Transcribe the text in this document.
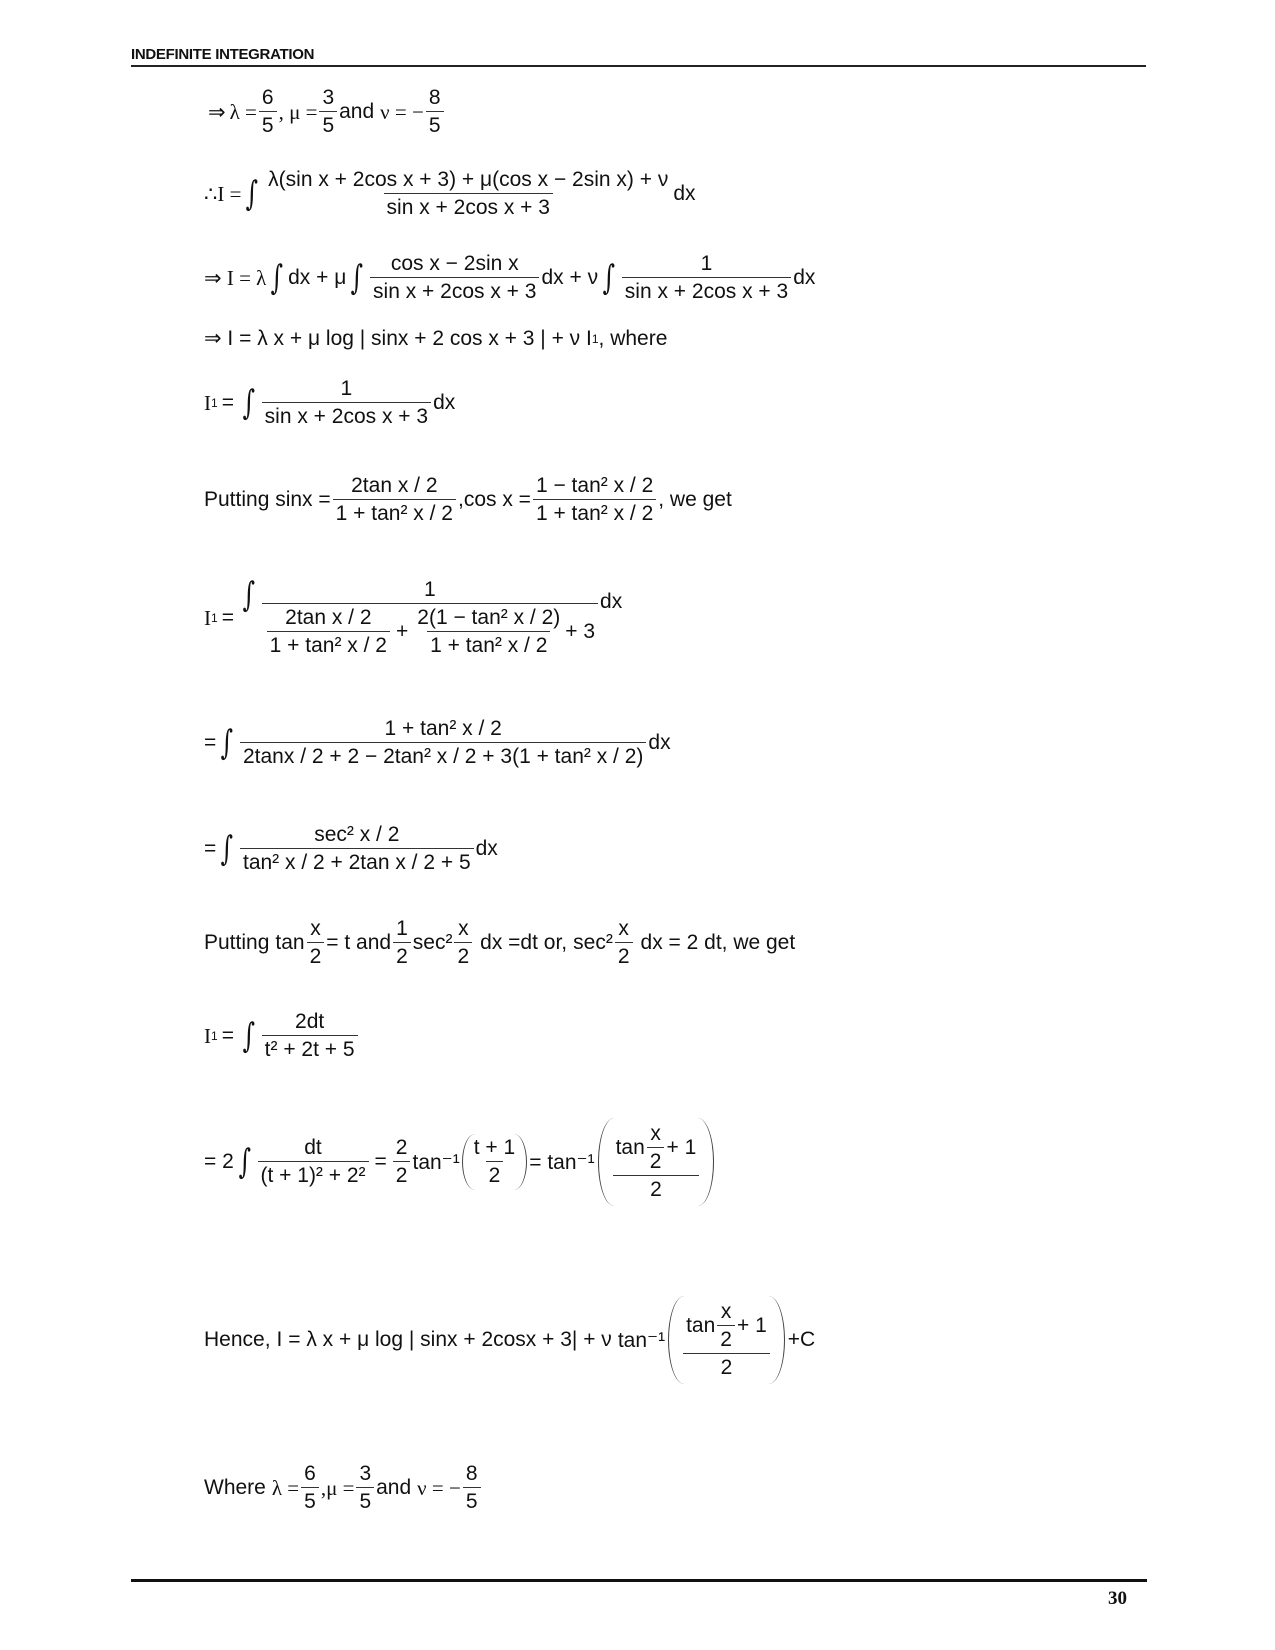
INDEFINITE INTEGRATION
⇒ $\lambda = \frac{6}{5}$ , $\mu = \frac{3}{5}$ and ν = − $\frac{8}{5}$
∴I = ∫ $\frac{\text{λ(sin x + 2cos x + 3) + μ(cos x − 2sin x) + ν}}{\text{sin x + 2cos x + 3}}$ dx
⇒ I = λ ∫ dx + μ ∫ $\frac{\text{cos x − 2sin x}}{\text{sin x + 2cos x + 3}}$ dx + ν ∫ $\frac{1}{\text{sin x + 2cos x + 3}}$ dx
⇒ I = λ x + μ log | sinx + 2 cos x + 3 | + ν I 1 , where
I 1 = ∫ $\frac{1}{\text{sin x + 2cos x + 3}}$ dx
Putting $\sin x = \frac{\text{2tan x / 2}}{\text{1 + tan² x / 2}} ,\cos$ $x = \frac{\text{1 − tan² x / 2}}{\text{1 + tan² x / 2}}$ , we get
I 1 =
∫	1
$\frac{\text{2tan x / 2}}{\text{1 + tan² x / 2}} + \frac{\text{2(1 − tan² x / 2)}}{\text{1 + tan² x / 2}} + 3$
dx
= ∫ $\frac{\text{1 + tan² x / 2}}{\text{2tanx / 2 + 2 − 2tan² x / 2 + 3(1 + tan² x / 2)}}$ dx
= ∫ $\frac{\text{sec² x / 2}}{\text{tan² x / 2 + 2tan x / 2 + 5}}$ dx
Putting $\tan \frac{x}{2} = t$ and $\frac{1}{2} \sec^2 \frac{x}{2}$ dx =dt or, $\sec^2 \frac{x}{2}$ dx = 2 dt, we get
I 1 = ∫ $\frac{2dt}{\text{t² + 2t + 5}}$
= 2 ∫ $\frac{dt}{\text{(t + 1)² + 2²}} = \frac{2}{2} \tan^{-1} \frac{t + 1}{2} = \tan^{-1} \frac{\tan \frac{x}{2} + 1}{2}$
Hence, I = λ x + μ log | sinx + 2cosx + 3| + ν $\tan^{-1} \frac{\tan \frac{x}{2} + 1}{2} +C$
Where $\lambda = \frac{6}{5} ,\mu = \frac{3}{5}$ and ν = − $\frac{8}{5}$
30
